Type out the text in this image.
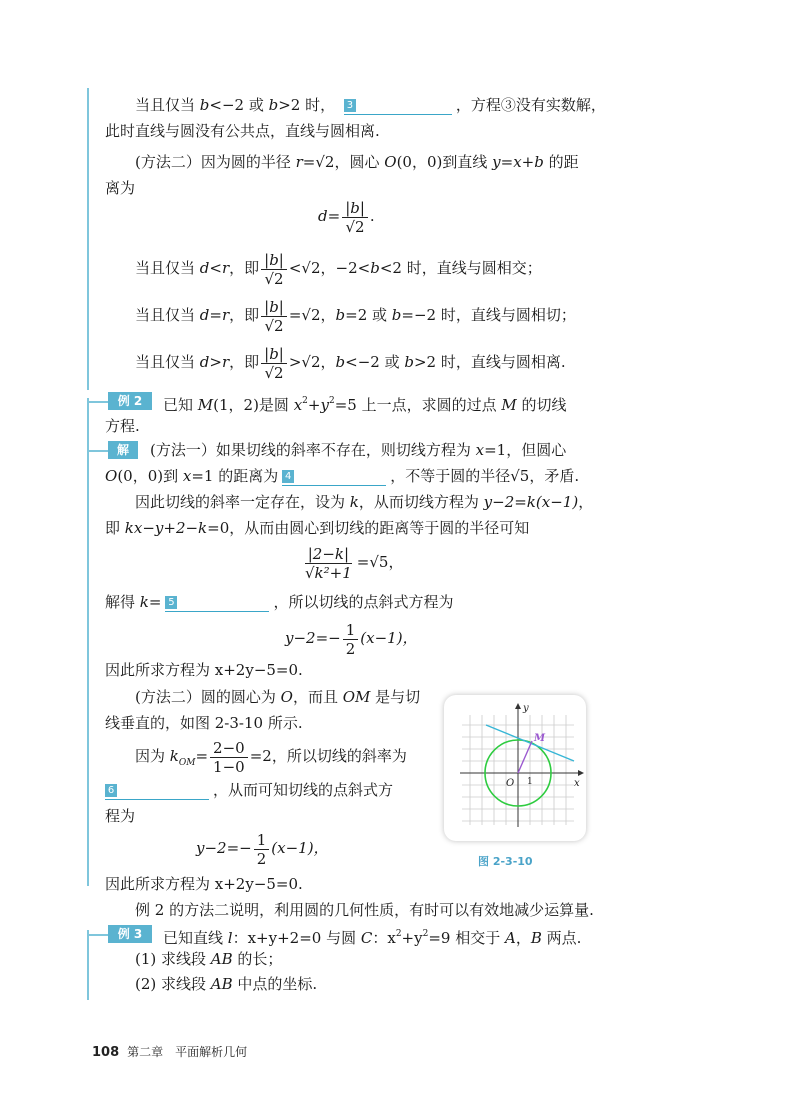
当且仅当 b<−2 或 b>2 时， 3	，方程③没有实数解，
此时直线与圆没有公共点，直线与圆相离.
(方法二）因为圆的半径 r=√2，圆心 O(0，0)到直线 y=x+b 的距
离为
$d= \frac{|b|}{√2}$ .
当且仅当 d<r，即 $\frac{|b|}{√2} <√2$，−2<b<2 时，直线与圆相交；
当且仅当 d=r，即 $\frac{|b|}{√2} =√2$，b=2 或 b=−2 时，直线与圆相切；
当且仅当 d>r，即 $\frac{|b|}{√2} >√2$，b<−2 或 b>2 时，直线与圆相离.
例 2	已知 M(1，2)是圆 $x^2+y^2=5$ 上一点，求圆的过点 M 的切线
方程.
解	(方法一）如果切线的斜率不存在，则切线方程为 x=1，但圆心
O(0，0)到 x=1 的距离为 4	，不等于圆的半径√5，矛盾.
因此切线的斜率一定存在，设为 k，从而切线方程为 y−2=k(x−1)，
即 kx−y+2−k=0，从而由圆心到切线的距离等于圆的半径可知
$\frac{|2-k|}{\text{√k²+1}} =√5$，
解得 k= 5	，所以切线的点斜式方程为
$y-2=- \frac{1}{2} (x-1)$，
因此所求方程为 x+2y−5=0.
(方法二）圆的圆心为 O，而且 OM 是与切
线垂直的，如图 2-3-10 所示.
因为 $k_{OM}= \frac{2-0}{1-0} =2$，所以切线的斜率为
6	，从而可知切线的点斜式方
程为
$y-2=- \frac{1}{2} (x-1)$，
因此所求方程为 x+2y−5=0.
y
x
O 1
M
图 2-3-10
例 2 的方法二说明，利用圆的几何性质，有时可以有效地减少运算量.
例 3	已知直线 l：x+y+2=0 与圆 C：$x^2+y^2=9$ 相交于 A，B 两点.
(1) 求线段 AB 的长；
(2) 求线段 AB 中点的坐标.
108 第二章　平面解析几何
